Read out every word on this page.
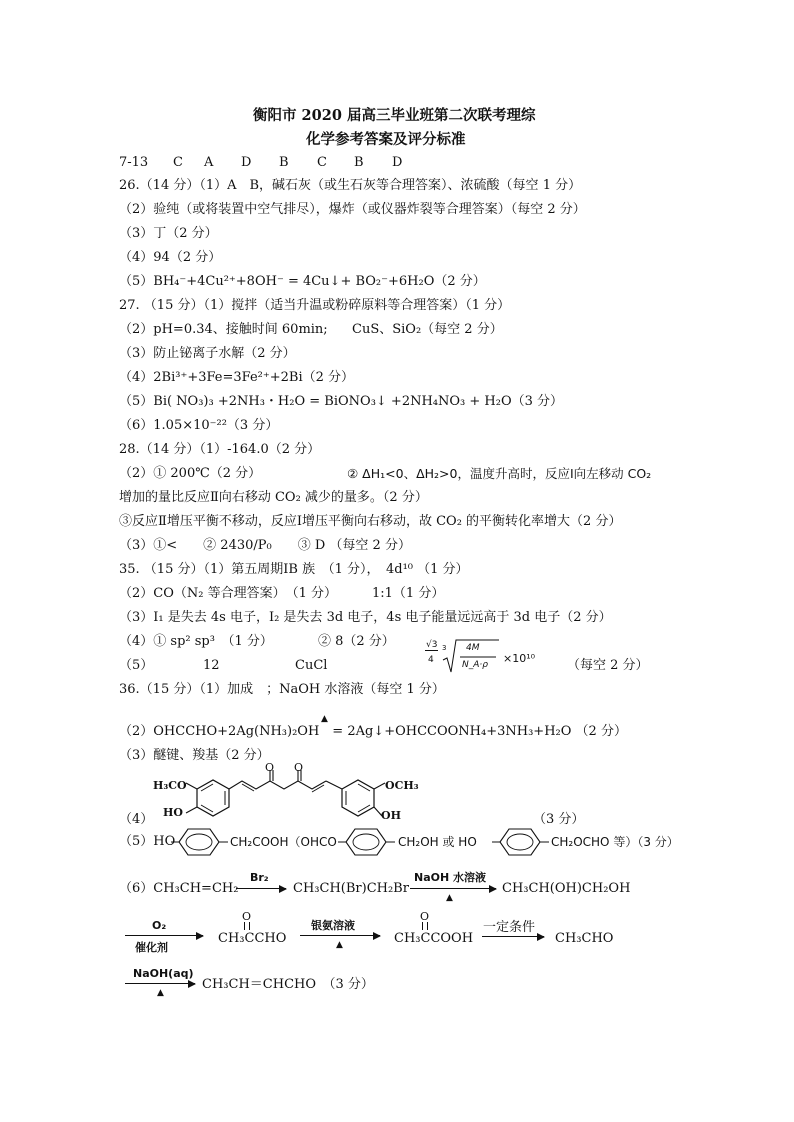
衡阳市 2020 届高三毕业班第二次联考理综
化学参考答案及评分标准
7-13 C A D B C B D
26.（14 分）（1）A　B，碱石灰（或生石灰等合理答案）、浓硫酸（每空 1 分）
（2）验纯（或将装置中空气排尽），爆炸（或仪器炸裂等合理答案）（每空 2 分）
（3）丁（2 分）
（4）94（2 分）
（5）BH₄⁻+4Cu²⁺+8OH⁻ = 4Cu↓+ BO₂⁻+6H₂O（2 分）
27. （15 分）（1）搅拌（适当升温或粉碎原料等合理答案）（1 分）
（2）pH=0.34、接触时间 60min; CuS、SiO₂（每空 2 分）
（3）防止铋离子水解（2 分）
（4）2Bi³⁺+3Fe=3Fe²⁺+2Bi（2 分）
（5）Bi( NO₃)₃ +2NH₃・H₂O = BiONO₃↓ +2NH₄NO₃ + H₂O（3 分）
（6）1.05×10⁻²²（3 分）
28.（14 分）（1）-164.0（2 分）
（2）① 200℃（2 分）	② ΔH₁<0、ΔH₂>0，温度升高时，反应Ⅰ向左移动 CO₂
增加的量比反应Ⅱ向右移动 CO₂ 减少的量多。（2 分）
③反应Ⅱ增压平衡不移动，反应Ⅰ增压平衡向右移动，故 CO₂ 的平衡转化率增大（2 分）
（3）①<　　② 2430/P₀　　③ D （每空 2 分）
35. （15 分）（1）第五周期ⅠB 族　（1 分），　4d¹⁰ （1 分）
（2）CO（N₂ 等合理答案）　（1 分）	1:1（1 分）
（3）I₁ 是失去 4s 电子，I₂ 是失去 3d 电子，4s 电子能量远远高于 3d 电子（2 分）
（4）① sp² sp³　（1 分）	② 8（2 分）
（5）	12	CuCl
√3
4
3 4M
N_A·ρ ×10¹⁰ （每空 2 分）
36.（15 分）（1）加成　；NaOH 水溶液（每空 1 分）
▲
（2）OHCCHO+2Ag(NH₃)₂OH　= 2Ag↓+OHCCOONH₄+3NH₃+H₂O （2 分）
（3）醚键、羧基（2 分）
H₃CO
HO
O O
OCH₃
OH
（4）	（3 分）
（5）HO	CH₂COOH（OHCO	CH₂OH 或 HO	CH₂OCHO 等）（3 分）
（6）CH₃CH=CH₂
Br₂
→ CH₃CH(Br)CH₂Br
NaOH 水溶液
▲
CH₃CH(OH)CH₂OH
O₂
催化剂
O
CH₃CCHO
银氨溶液
▲
O
CH₃CCOOH
一定条件
→ CH₃CHO
NaOH(aq)
▲
CH₃CH＝CHCHO　（3 分）
